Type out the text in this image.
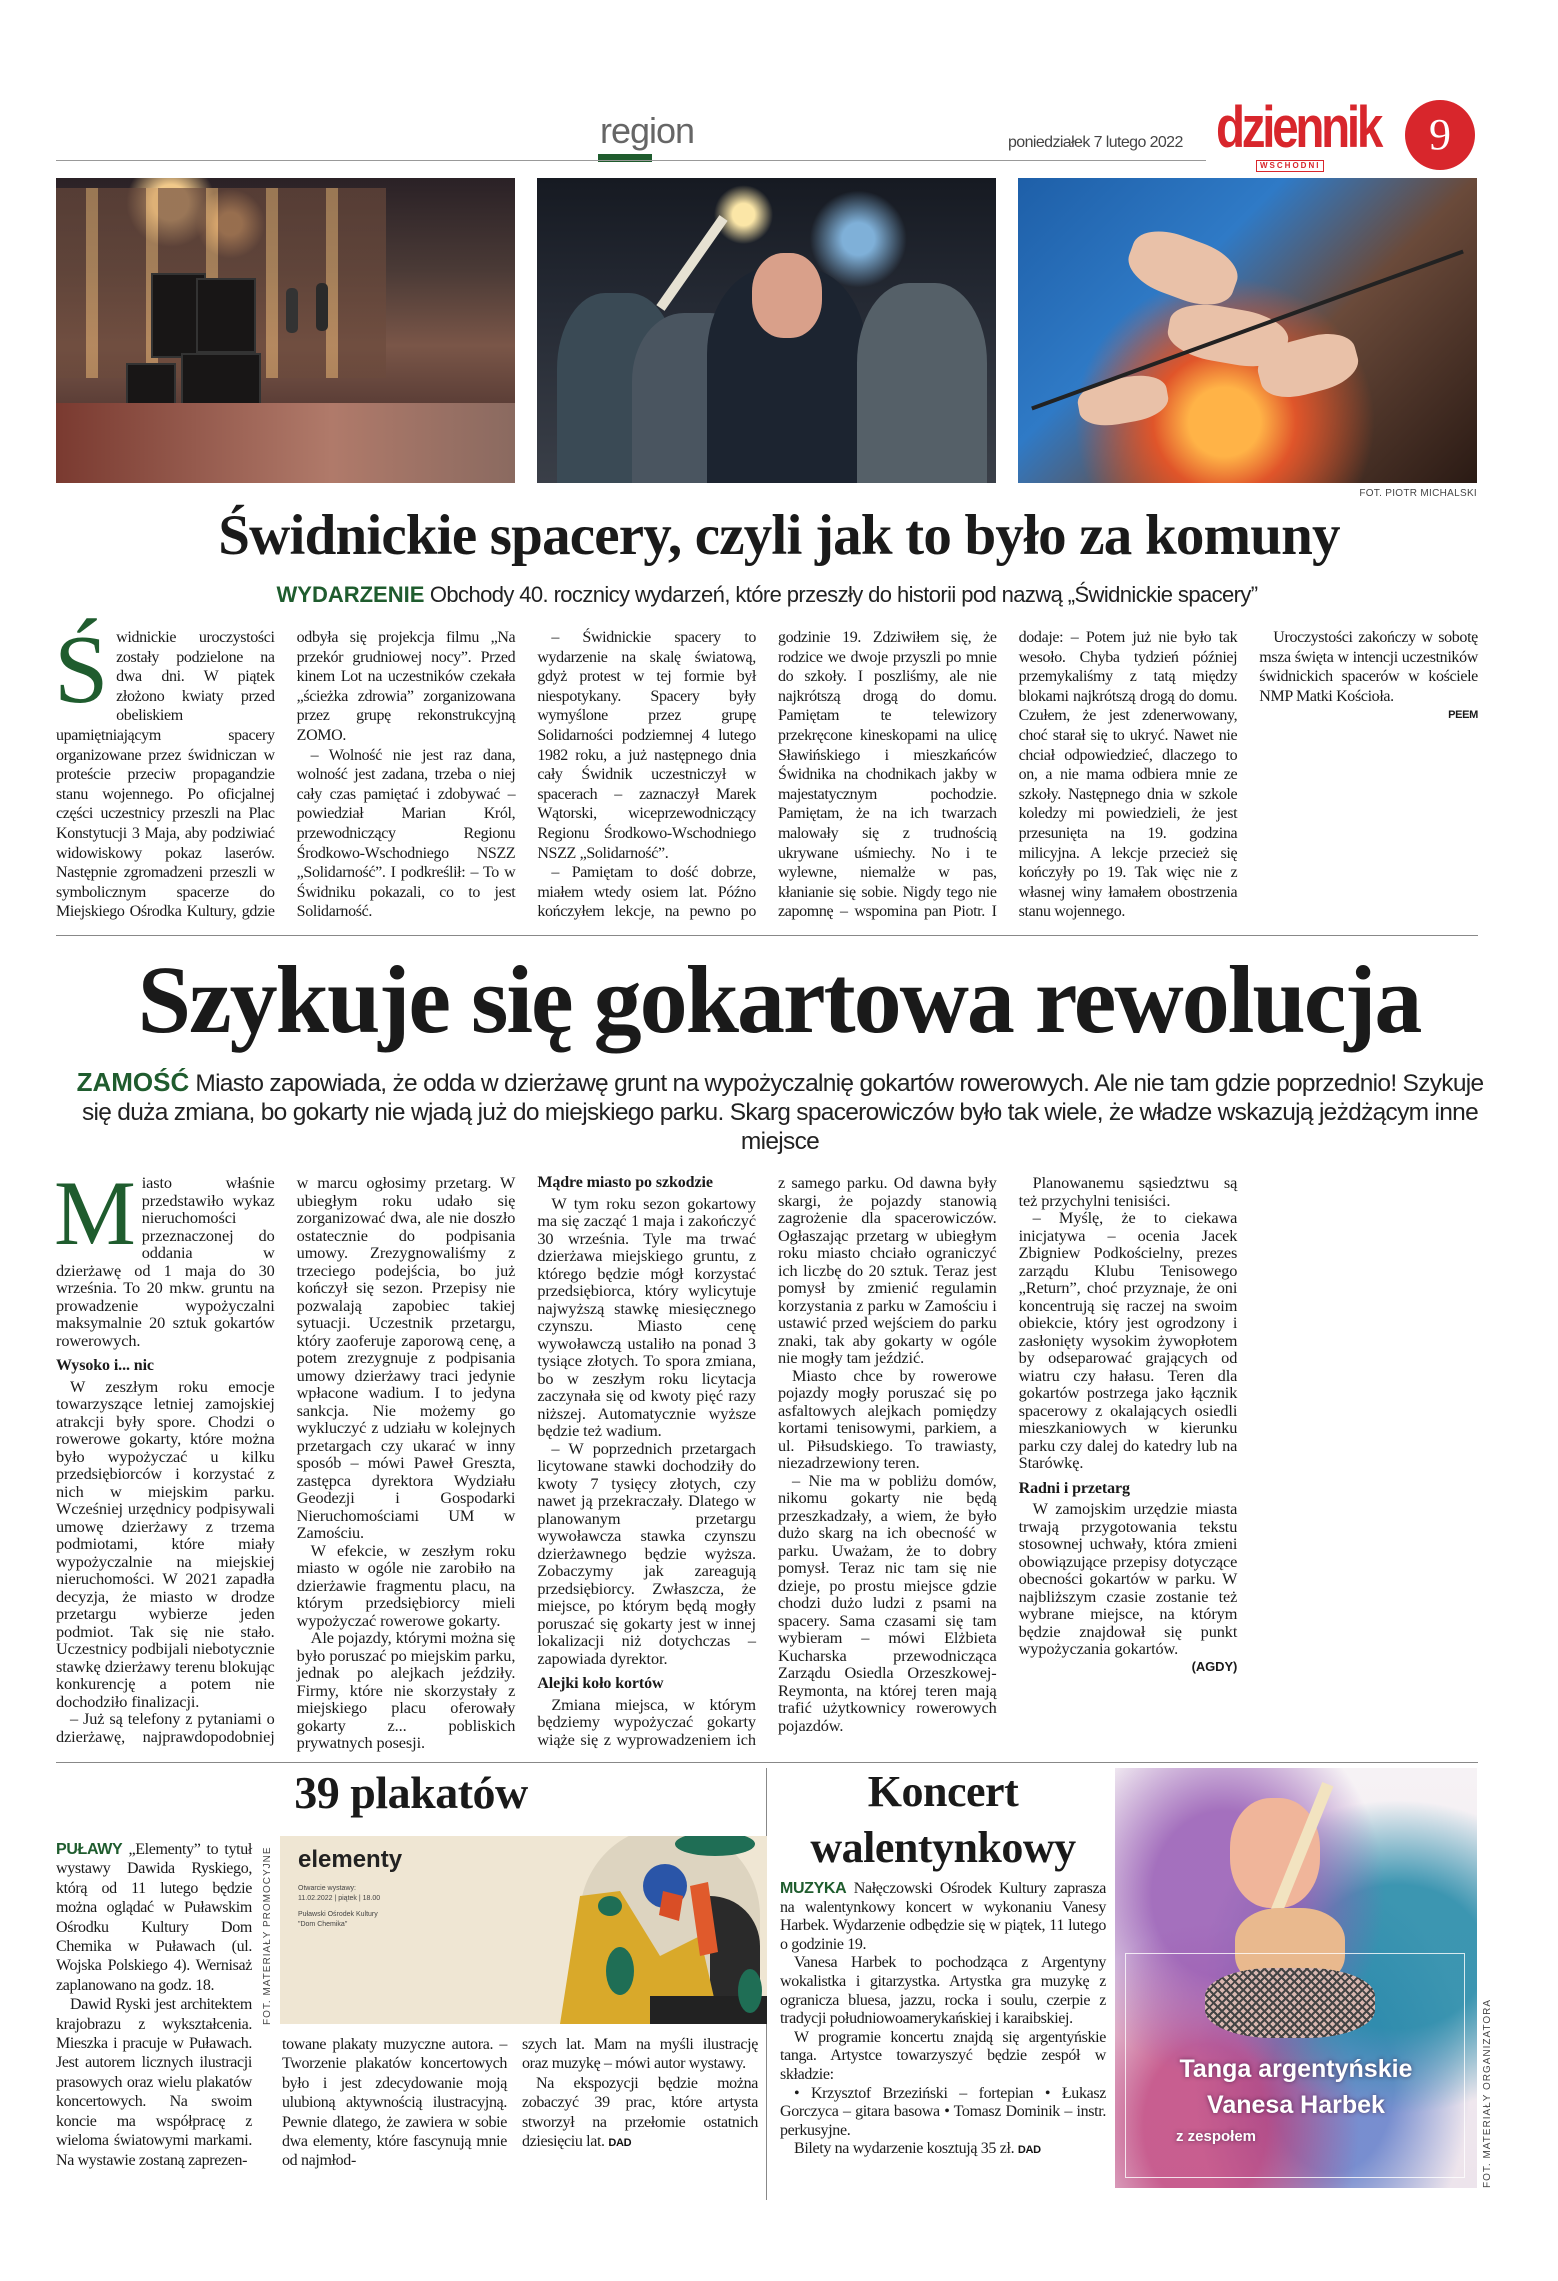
region	poniedziałek 7 lutego 2022 dziennik
WSCHODNI
9
FOT. PIOTR MICHALSKI
Świdnickie spacery, czyli jak to było za komuny
WYDARZENIE Obchody 40. rocznicy wydarzeń, które przeszły do historii pod nazwą „Świdnickie spacery”

Świdnickie uroczystości zostały podzielone na dwa dni. W piątek złożono kwiaty przed obeliskiem upamiętniającym spacery organizowane przez świdniczan w proteście przeciw propagandzie stanu wojennego. Po oficjalnej części uczestnicy przeszli na Plac Konstytucji 3 Maja, aby podziwiać widowiskowy pokaz laserów. Następnie zgromadzeni przeszli w symbolicznym spacerze do Miejskiego Ośrodka Kultury, gdzie odbyła się projekcja filmu „Na przekór grudniowej nocy”. Przed kinem Lot na uczestników czekała „ścieżka zdrowia” zorganizowana przez grupę rekonstrukcyjną ZOMO.

– Wolność nie jest raz dana, wolność jest zadana, trzeba o niej cały czas pamiętać i zdobywać – powiedział Marian Król, przewodniczący Regionu Środkowo-Wschodniego NSZZ „Solidarność”. I podkreślił: – To w Świdniku pokazali, co to jest Solidarność.

– Świdnickie spacery to wydarzenie na skalę światową, gdyż protest w tej formie był niespotykany. Spacery były wymyślone przez grupę Solidarności podziemnej 4 lutego 1982 roku, a już następnego dnia cały Świdnik uczestniczył w spacerach – zaznaczył Marek Wątorski, wiceprzewodniczący Regionu Środkowo-Wschodniego NSZZ „Solidarność”.

– Pamiętam to dość dobrze, miałem wtedy osiem lat. Późno kończyłem lekcje, na pewno po godzinie 19. Zdziwiłem się, że rodzice we dwoje przyszli po mnie do szkoły. I poszliśmy, ale nie najkrótszą drogą do domu. Pamiętam te telewizory przekręcone kineskopami na ulicę Sławińskiego i mieszkańców Świdnika na chodnikach jakby w majestatycznym pochodzie. Pamiętam, że na ich twarzach malowały się z trudnością ukrywane uśmiechy. No i te wylewne, niemalże w pas, kłanianie się sobie. Nigdy tego nie zapomnę – wspomina pan Piotr. I dodaje: – Potem już nie było tak wesoło. Chyba tydzień później przemykaliśmy z tatą między blokami najkrótszą drogą do domu. Czułem, że jest zdenerwowany, choć starał się to ukryć. Nawet nie chciał odpowiedzieć, dlaczego to on, a nie mama odbiera mnie ze szkoły. Następnego dnia w szkole koledzy mi powiedzieli, że jest przesunięta na 19. godzina milicyjna. A lekcje przecież się kończyły po 19. Tak więc nie z własnej winy łamałem obostrzenia stanu wojennego.

Uroczystości zakończy w sobotę msza święta w intencji uczestników świdnickich spacerów w kościele NMP Matki Kościoła.

PEEM

Szykuje się gokartowa rewolucja
ZAMOŚĆ Miasto zapowiada, że odda w dzierżawę grunt na wypożyczalnię gokartów rowerowych. Ale nie tam gdzie poprzednio! Szykuje się duża zmiana, bo gokarty nie wjadą już do miejskiego parku. Skarg spacerowiczów było tak wiele, że władze wskazują jeżdżącym inne miejsce

Miasto właśnie przedstawiło wykaz nieruchomości przeznaczonej do oddania w dzierżawę od 1 maja do 30 września. To 20 mkw. gruntu na prowadzenie wypożyczalni maksymalnie 20 sztuk gokartów rowerowych.

Wysoko i... nic

W zeszłym roku emocje towarzyszące letniej zamojskiej atrakcji były spore. Chodzi o rowerowe gokarty, które można było wypożyczać u kilku przedsiębiorców i korzystać z nich w miejskim parku. Wcześniej urzędnicy podpisywali umowę dzierżawy z trzema podmiotami, które miały wypożyczalnie na miejskiej nieruchomości. W 2021 zapadła decyzja, że miasto w drodze przetargu wybierze jeden podmiot. Tak się nie stało. Uczestnicy podbijali niebotycznie stawkę dzierżawy terenu blokując konkurencję a potem nie dochodziło finalizacji.

– Już są telefony z pytaniami o dzierżawę, najprawdopodobniej w marcu ogłosimy przetarg. W ubiegłym roku udało się zorganizować dwa, ale nie doszło ostatecznie do podpisania umowy. Zrezygnowaliśmy z trzeciego podejścia, bo już kończył się sezon. Przepisy nie pozwalają zapobiec takiej sytuacji. Uczestnik przetargu, który zaoferuje zaporową cenę, a potem zrezygnuje z podpisania umowy dzierżawy traci jedynie wpłacone wadium. I to jedyna sankcja. Nie możemy go wykluczyć z udziału w kolejnych przetargach czy ukarać w inny sposób – mówi Paweł Greszta, zastępca dyrektora Wydziału Geodezji i Gospodarki Nieruchomościami UM w Zamościu.

W efekcie, w zeszłym roku miasto w ogóle nie zarobiło na dzierżawie fragmentu placu, na którym przedsiębiorcy mieli wypożyczać rowerowe gokarty.

Ale pojazdy, którymi można się było poruszać po miejskim parku, jednak po alejkach jeździły. Firmy, które nie skorzystały z miejskiego placu oferowały gokarty z... pobliskich prywatnych posesji.

Mądre miasto po szkodzie

W tym roku sezon gokartowy ma się zacząć 1 maja i zakończyć 30 września. Tyle ma trwać dzierżawa miejskiego gruntu, z którego będzie mógł korzystać przedsiębiorca, który wylicytuje najwyższą stawkę miesięcznego czynszu. Miasto cenę wywoławczą ustaliło na ponad 3 tysiące złotych. To spora zmiana, bo w zeszłym roku licytacja zaczynała się od kwoty pięć razy niższej. Automatycznie wyższe będzie też wadium.

– W poprzednich przetargach licytowane stawki dochodziły do kwoty 7 tysięcy złotych, czy nawet ją przekraczały. Dlatego w planowanym przetargu wywoławcza stawka czynszu dzierżawnego będzie wyższa. Zobaczymy jak zareagują przedsiębiorcy. Zwłaszcza, że miejsce, po którym będą mogły poruszać się gokarty jest w innej lokalizacji niż dotychczas – zapowiada dyrektor.

Alejki koło kortów

Zmiana miejsca, w którym będziemy wypożyczać gokarty wiąże się z wyprowadzeniem ich z samego parku. Od dawna były skargi, że pojazdy stanowią zagrożenie dla spacerowiczów. Ogłaszając przetarg w ubiegłym roku miasto chciało ograniczyć ich liczbę do 20 sztuk. Teraz jest pomysł by zmienić regulamin korzystania z parku w Zamościu i ustawić przed wejściem do parku znaki, tak aby gokarty w ogóle nie mogły tam jeździć.

Miasto chce by rowerowe pojazdy mogły poruszać się po asfaltowych alejkach pomiędzy kortami tenisowymi, parkiem, a ul. Piłsudskiego. To trawiasty, niezadrzewiony teren.

– Nie ma w pobliżu domów, nikomu gokarty nie będą przeszkadzały, a wiem, że było dużo skarg na ich obecność w parku. Uważam, że to dobry pomysł. Teraz nic tam się nie dzieje, po prostu miejsce gdzie chodzi dużo ludzi z psami na spacery. Sama czasami się tam wybieram – mówi Elżbieta Kucharska przewodnicząca Zarządu Osiedla Orzeszkowej- Reymonta, na której teren mają trafić użytkownicy rowerowych pojazdów.

Planowanemu sąsiedztwu są też przychylni tenisiści.

– Myślę, że to ciekawa inicjatywa – ocenia Jacek Zbigniew Podkościelny, prezes zarządu Klubu Tenisowego „Return”, choć przyznaje, że oni koncentrują się raczej na swoim obiekcie, który jest ogrodzony i zasłonięty wysokim żywopłotem by odseparować grających od wiatru czy hałasu. Teren dla gokartów postrzega jako łącznik spacerowy z okalających osiedli mieszkaniowych w kierunku parku czy dalej do katedry lub na Starówkę.

Radni i przetarg

W zamojskim urzędzie miasta trwają przygotowania tekstu stosownej uchwały, która zmieni obowiązujące przepisy dotyczące obecności gokartów w parku. W najbliższym czasie zostanie też wybrane miejsce, na którym będzie znajdował się punkt wypożyczania gokartów.

(AGDY)

39 plakatów

PUŁAWY „Elementy” to tytuł wystawy Dawida Ryskiego, którą od 11 lutego będzie można oglądać w Puławskim Ośrodku Kultury Dom Chemika w Puławach (ul. Wojska Polskiego 4). Wernisaż zaplanowano na godz. 18.

Dawid Ryski jest architektem krajobrazu z wykształcenia. Mieszka i pracuje w Puławach. Jest autorem licznych ilustracji prasowych oraz wielu plakatów koncertowych. Na swoim koncie ma współpracę z wieloma światowymi markami. Na wystawie zostaną zaprezen-

FOT. MATERIAŁY PROMOCYJNE elementy
Otwarcie wystawy:
11.02.2022 | piątek | 18.00
Puławski Ośrodek Kultury
"Dom Chemika"

towane plakaty muzyczne autora. – Tworzenie plakatów koncertowych było i jest zdecydowanie moją ulubioną aktywnością ilustracyjną. Pewnie dlatego, że zawiera w sobie dwa elementy, które fascynują mnie od najmłod-

szych lat. Mam na myśli ilustrację oraz muzykę – mówi autor wystawy.

Na ekspozycji będzie można zobaczyć 39 prac, które artysta stworzył na przełomie ostatnich dziesięciu lat. DAD

Koncert
walentynkowy

MUZYKA Nałęczowski Ośrodek Kultury zaprasza na walentynkowy koncert w wykonaniu Vanesy Harbek. Wydarzenie odbędzie się w piątek, 11 lutego o godzinie 19.

Vanesa Harbek to pochodząca z Argentyny wokalistka i gitarzystka. Artystka gra muzykę z ogranicza bluesa, jazzu, rocka i soulu, czerpie z tradycji południowoamerykańskiej i karaibskiej.

W programie koncertu znajdą się argentyńskie tanga. Artystce towarzyszyć będzie zespół w składzie:

• Krzysztof Brzeziński – fortepian • Łukasz Gorczyca – gitara basowa • Tomasz Dominik – instr. perkusyjne.

Bilety na wydarzenie kosztują 35 zł. DAD

Tanga argentyńskie
Vanesa Harbek
z zespołem	FOT. MATERIAŁY ORGANIZATORA
